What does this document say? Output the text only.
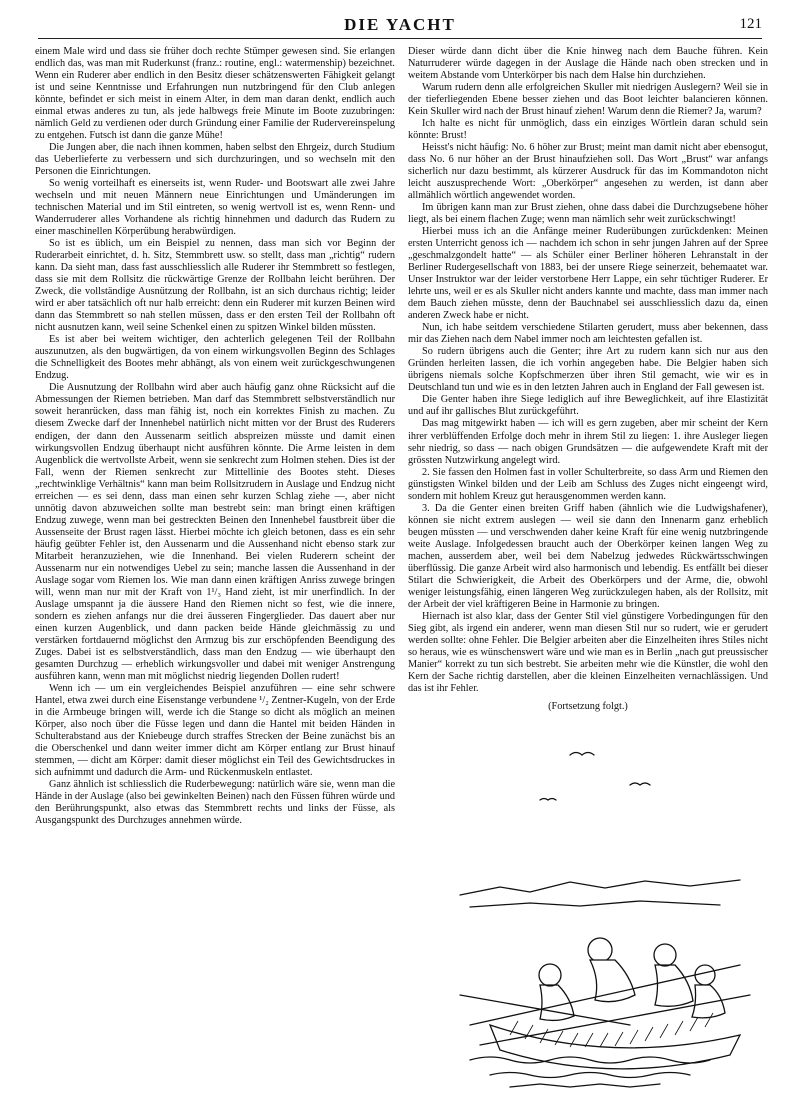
DIE YACHT	121

einem Male wird und dass sie früher doch rechte Stümper gewesen sind. Sie erlangen endlich das, was man mit Ruderkunst (franz.: routine, engl.: watermenship) bezeichnet. Wenn ein Ruderer aber endlich in den Besitz dieser schätzenswerten Fähigkeit gelangt ist und seine Kenntnisse und Erfahrungen nun nutzbringend für den Club anlegen könnte, befindet er sich meist in einem Alter, in dem man daran denkt, endlich auch einmal etwas anderes zu tun, als jede halbwegs freie Minute im Boote zuzubringen: nämlich Geld zu verdienen oder durch Gründung einer Familie der Rudervereinspelung zu entgehen. Futsch ist dann die ganze Mühe!

Die Jungen aber, die nach ihnen kommen, haben selbst den Ehrgeiz, durch Studium das Ueberlieferte zu verbessern und sich durchzuringen, und so wechseln mit den Personen die Einrichtungen.

So wenig vorteilhaft es einerseits ist, wenn Ruder- und Bootswart alle zwei Jahre wechseln und mit neuen Männern neue Einrichtungen und Umänderungen im technischen Material und im Stil eintreten, so wenig wertvoll ist es, wenn Renn- und Wanderruderer alles Vorhandene als richtig hinnehmen und dadurch das Rudern zu einer maschinellen Körperübung herabwürdigen.

So ist es üblich, um ein Beispiel zu nennen, dass man sich vor Beginn der Ruderarbeit einrichtet, d. h. Sitz, Stemmbrett usw. so stellt, dass man „richtig“ rudern kann. Da sieht man, dass fast ausschliesslich alle Ruderer ihr Stemmbrett so festlegen, dass sie mit dem Rollsitz die rückwärtige Grenze der Rollbahn leicht berühren. Der Zweck, die vollständige Ausnützung der Rollbahn, ist an sich durchaus richtig; leider wird er aber tatsächlich oft nur halb erreicht: denn ein Ruderer mit kurzen Beinen wird dann das Stemmbrett so nah stellen müssen, dass er den ersten Teil der Rollbahn oft nicht ausnutzen kann, weil seine Schenkel einen zu spitzen Winkel bilden müssten.

Es ist aber bei weitem wichtiger, den achterlich gelegenen Teil der Rollbahn auszunutzen, als den bugwärtigen, da von einem wirkungsvollen Beginn des Schlages die Schnelligkeit des Bootes mehr abhängt, als von einem weit zurückgeschwungenen Endzug.

Die Ausnutzung der Rollbahn wird aber auch häufig ganz ohne Rücksicht auf die Abmessungen der Riemen betrieben. Man darf das Stemmbrett selbstverständlich nur soweit heranrücken, dass man fähig ist, noch ein korrektes Finish zu machen. Zu diesem Zwecke darf der Innenhebel natürlich nicht mitten vor der Brust des Ruderers endigen, der dann den Aussenarm seitlich abspreizen müsste und damit einen wirkungsvollen Endzug überhaupt nicht ausführen könnte. Die Arme leisten in dem Augenblick die wertvollste Arbeit, wenn sie senkrecht zum Holmen stehen. Dies ist der Fall, wenn der Riemen senkrecht zur Mittellinie des Bootes steht. Dieses „rechtwinklige Verhältnis“ kann man beim Rollsitzrudern in Auslage und Endzug nicht erreichen — es sei denn, dass man einen sehr kurzen Schlag ziehe —, aber nicht unnötig davon abzuweichen sollte man bestrebt sein: man bringt einen kräftigen Endzug zuwege, wenn man bei gestreckten Beinen den Innenhebel faustbreit über die Aussenseite der Brust ragen lässt. Hierbei möchte ich gleich betonen, dass es ein sehr häufig geübter Fehler ist, den Aussenarm und die Aussenhand nicht ebenso stark zur Mitarbeit heranzuziehen, wie die Innenhand. Bei vielen Ruderern scheint der Aussenarm nur ein notwendiges Uebel zu sein; manche lassen die Aussenhand in der Auslage sogar vom Riemen los. Wie man dann einen kräftigen Anriss zuwege bringen will, wenn man nur mit der Kraft von 1¹/₃ Hand zieht, ist mir unerfindlich. In der Auslage umspannt ja die äussere Hand den Riemen nicht so fest, wie die innere, sondern es ziehen anfangs nur die drei äusseren Fingerglieder. Das dauert aber nur einen kurzen Augenblick, und dann packen beide Hände gleichmässig zu und verstärken fortdauernd möglichst den Armzug bis zur erschöpfenden Beendigung des Zuges. Dabei ist es selbstverständlich, dass man den Endzug — wie überhaupt den gesamten Durchzug — erheblich wirkungsvoller und dabei mit weniger Anstrengung ausführen kann, wenn man mit möglichst niedrig liegenden Dollen rudert!

Wenn ich — um ein vergleichendes Beispiel anzuführen — eine sehr schwere Hantel, etwa zwei durch eine Eisenstange verbundene ¹/₂ Zentner-Kugeln, von der Erde in die Armbeuge bringen will, werde ich die Stange so dicht als möglich an meinen Körper, also noch über die Füsse legen und dann die Hantel mit beiden Händen in Schulterabstand aus der Kniebeuge durch straffes Strecken der Beine zunächst bis an die Oberschenkel und dann weiter immer dicht am Körper entlang zur Brust hinauf stemmen, — dicht am Körper: damit dieser möglichst ein Teil des Gewichtsdruckes in sich aufnimmt und dadurch die Arm- und Rückenmuskeln entlastet.

Ganz ähnlich ist schliesslich die Ruderbewegung: natürlich wäre sie, wenn man die Hände in der Auslage (also bei gewinkelten Beinen) nach den Füssen führen würde und den Berührungspunkt, also etwas das Stemmbrett rechts und links der Füsse, als Ausgangspunkt des Durchzuges annehmen würde.

Dieser würde dann dicht über die Knie hinweg nach dem Bauche führen. Kein Naturruderer würde dagegen in der Auslage die Hände nach oben strecken und in weitem Abstande vom Unterkörper bis nach dem Halse hin durchziehen.

Warum rudern denn alle erfolgreichen Skuller mit niedrigen Auslegern? Weil sie in der tieferliegenden Ebene besser ziehen und das Boot leichter balancieren können. Kein Skuller wird nach der Brust hinauf ziehen! Warum denn die Riemer? Ja, warum?

Ich halte es nicht für unmöglich, dass ein einziges Wörtlein daran schuld sein könnte: Brust!

Heisst's nicht häufig: No. 6 höher zur Brust; meint man damit nicht aber ebensogut, dass No. 6 nur höher an der Brust hinaufziehen soll. Das Wort „Brust“ war anfangs sicherlich nur dazu bestimmt, als kürzerer Ausdruck für das im Kommandoton nicht leicht auszusprechende Wort: „Oberkörper“ angesehen zu werden, ist dann aber allmählich wörtlich angewendet worden.

Im übrigen kann man zur Brust ziehen, ohne dass dabei die Durchzugsebene höher liegt, als bei einem flachen Zuge; wenn man nämlich sehr weit zurückschwingt!

Hierbei muss ich an die Anfänge meiner Ruderübungen zurückdenken: Meinen ersten Unterricht genoss ich — nachdem ich schon in sehr jungen Jahren auf der Spree „geschmalzgondelt hatte“ — als Schüler einer Berliner höheren Lehranstalt in der Berliner Rudergesellschaft von 1883, bei der unsere Riege seinerzeit, behemaatet war. Unser Instruktor war der leider verstorbene Herr Lappe, ein sehr tüchtiger Ruderer. Er lehrte uns, weil er es als Skuller nicht anders kannte und machte, dass man immer nach dem Bauch ziehen müsste, denn der Bauchnabel sei ausschliesslich dazu da, einen anderen Zweck habe er nicht.

Nun, ich habe seitdem verschiedene Stilarten gerudert, muss aber bekennen, dass mir das Ziehen nach dem Nabel immer noch am leichtesten gefallen ist.

So rudern übrigens auch die Genter; ihre Art zu rudern kann sich nur aus den Gründen herleiten lassen, die ich vorhin angegeben habe. Die Belgier haben sich übrigens niemals solche Kopfschmerzen über ihren Stil gemacht, wie wir es in Deutschland tun und wie es in den letzten Jahren auch in England der Fall gewesen ist.

Die Genter haben ihre Siege lediglich auf ihre Beweglichkeit, auf ihre Elastizität und auf ihr gallisches Blut zurückgeführt.

Das mag mitgewirkt haben — ich will es gern zugeben, aber mir scheint der Kern ihrer verblüffenden Erfolge doch mehr in ihrem Stil zu liegen: 1. ihre Ausleger liegen sehr niedrig, so dass — nach obigen Grundsätzen — die aufgewendete Kraft mit der grössten Nutzwirkung angelegt wird.

2. Sie fassen den Holmen fast in voller Schulterbreite, so dass Arm und Riemen den günstigsten Winkel bilden und der Leib am Schluss des Zuges nicht eingeengt wird, sondern mit hohlem Kreuz gut herausgenommen werden kann.

3. Da die Genter einen breiten Griff haben (ähnlich wie die Ludwigshafener), können sie nicht extrem auslegen — weil sie dann den Innenarm ganz erheblich beugen müssten — und verschwenden daher keine Kraft für eine wenig nutzbringende weite Auslage. Infolgedessen braucht auch der Oberkörper keinen langen Weg zu machen, ausserdem aber, weil bei dem Nabelzug jedwedes Rückwärtsschwingen überflüssig. Die ganze Arbeit wird also harmonisch und lebendig. Es entfällt bei dieser Stilart die Schwierigkeit, die Arbeit des Oberkörpers und der Arme, die, obwohl weniger leistungsfähig, einen längeren Weg zurückzulegen haben, als der Rollsitz, mit der Arbeit der viel kräftigeren Beine in Harmonie zu bringen.

Hiernach ist also klar, dass der Genter Stil viel günstigere Vorbedingungen für den Sieg gibt, als irgend ein anderer, wenn man diesen Stil nur so rudert, wie er gerudert werden sollte: ohne Fehler. Die Belgier arbeiten aber die Einzelheiten ihres Stiles nicht so heraus, wie es wünschenswert wäre und wie man es in Berlin „nach gut preussischer Manier“ korrekt zu tun sich bestrebt. Sie arbeiten mehr wie die Künstler, die wohl den Kern der Sache richtig darstellen, aber die kleinen Einzelheiten vernachlässigen. Und das ist ihr Fehler.

(Fortsetzung folgt.)
